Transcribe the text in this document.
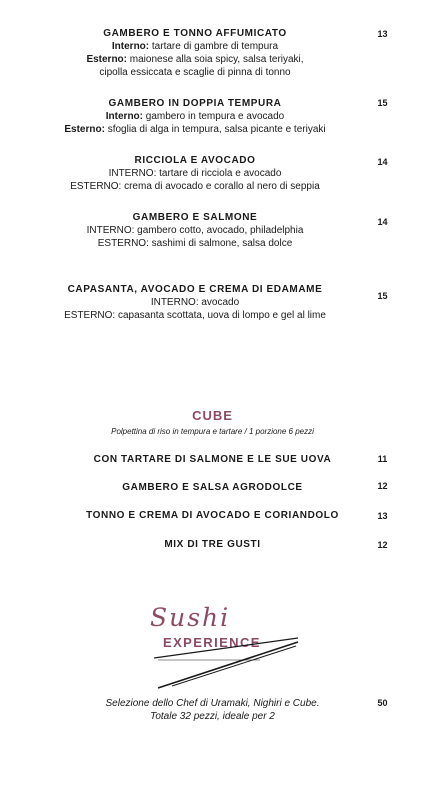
GAMBERO E TONNO AFFUMICATO
Interno: tartare di gambre di tempura
Esterno: maionese alla soia spicy, salsa teriyaki,
cipolla essiccata e scaglie di pinna di tonno
13
GAMBERO IN DOPPIA TEMPURA
Interno: gambero in tempura e avocado
Esterno: sfoglia di alga in tempura, salsa picante e teriyaki
15
RICCIOLA E AVOCADO
INTERNO: tartare di ricciola e avocado
ESTERNO: crema di avocado e corallo al nero di seppia
14
GAMBERO E SALMONE
INTERNO: gambero cotto, avocado, philadelphia
ESTERNO: sashimi di salmone, salsa dolce
14
CAPASANTA, AVOCADO E CREMA DI EDAMAME
INTERNO: avocado
ESTERNO: capasanta scottata, uova di lompo e gel al lime
15
CUBE
Polpettina di riso in tempura e tartare / 1 porzione 6 pezzi
CON TARTARE DI SALMONE E LE SUE UOVA	11
GAMBERO E SALSA AGRODOLCE	12
TONNO E CREMA DI AVOCADO E CORIANDOLO	13
MIX DI TRE GUSTI	12
Sushi
EXPERIENCE
Selezione dello Chef di Uramaki, Nighiri e Cube.
Totale 32 pezzi, ideale per 2
50
